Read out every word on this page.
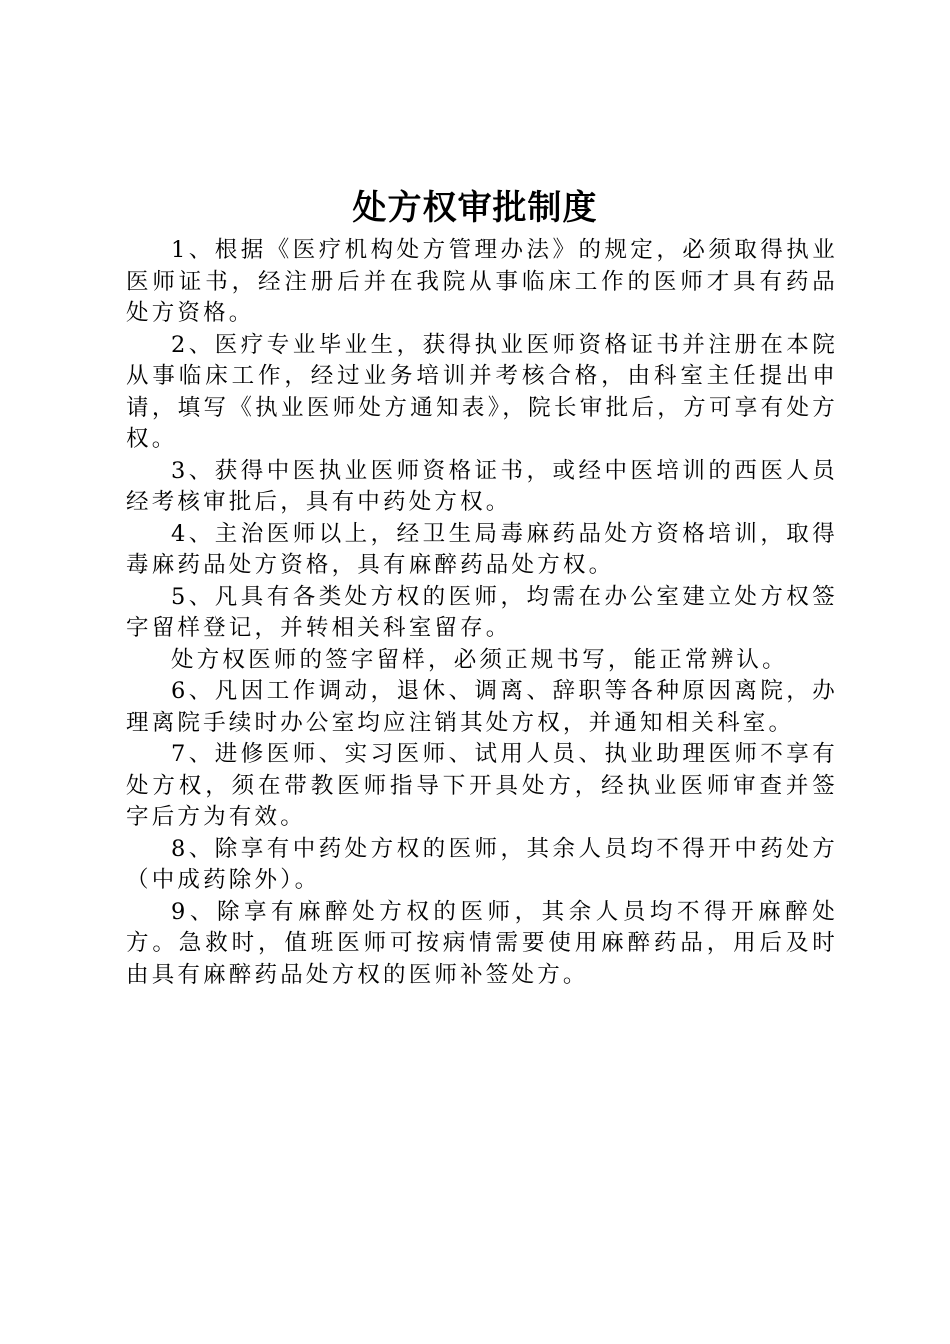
处方权审批制度

1、根据《医疗机构处方管理办法》的规定，必须取得执业医师证书，经注册后并在我院从事临床工作的医师才具有药品处方资格。

2、医疗专业毕业生，获得执业医师资格证书并注册在本院从事临床工作，经过业务培训并考核合格，由科室主任提出申请，填写《执业医师处方通知表》，院长审批后，方可享有处方权。

3、获得中医执业医师资格证书，或经中医培训的西医人员经考核审批后，具有中药处方权。

4、主治医师以上，经卫生局毒麻药品处方资格培训，取得毒麻药品处方资格，具有麻醉药品处方权。

5、凡具有各类处方权的医师，均需在办公室建立处方权签字留样登记，并转相关科室留存。

处方权医师的签字留样，必须正规书写，能正常辨认。

6、凡因工作调动，退休、调离、辞职等各种原因离院，办理离院手续时办公室均应注销其处方权，并通知相关科室。

7、进修医师、实习医师、试用人员、执业助理医师不享有处方权，须在带教医师指导下开具处方，经执业医师审查并签字后方为有效。

8、除享有中药处方权的医师，其余人员均不得开中药处方（中成药除外）。

9、除享有麻醉处方权的医师，其余人员均不得开麻醉处方。急救时，值班医师可按病情需要使用麻醉药品，用后及时由具有麻醉药品处方权的医师补签处方。
